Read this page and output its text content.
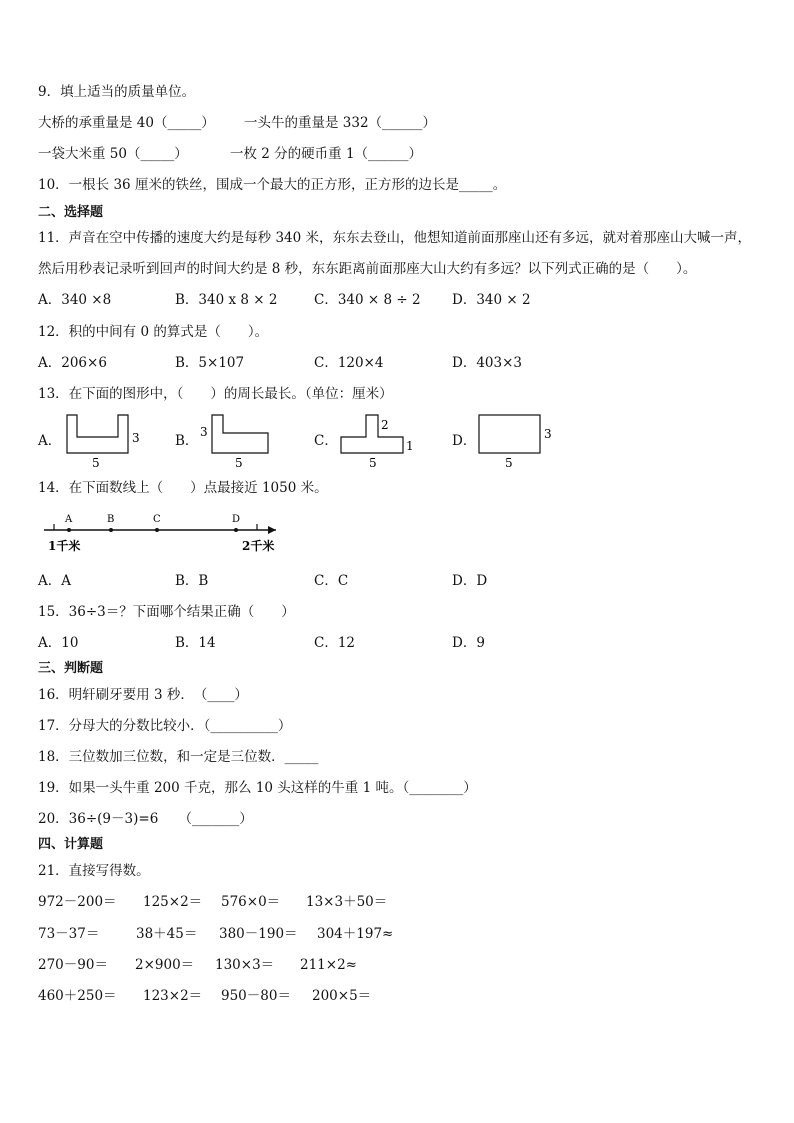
9．填上适当的质量单位。
大桥的承重量是 40（_____） 一头牛的重量是 332（______）
一袋大米重 50（_____）	一枚 2 分的硬币重 1（______）
10．一根长 36 厘米的铁丝，围成一个最大的正方形，正方形的边长是_____。
二、选择题
11．声音在空中传播的速度大约是每秒 340 米，东东去登山，他想知道前面那座山还有多远，就对着那座山大喊一声，
然后用秒表记录听到回声的时间大约是 8 秒，东东距离前面那座大山大约有多远？以下列式正确的是（　　）。
A．340 ×8	B．340 x 8 × 2	C．340 × 8 ÷ 2 D．340 × 2
12．积的中间有 0 的算式是（　　）。
A．206×6	B．5×107	C．120×4	D．403×3
13．在下面的图形中，（　　）的周长最长。（单位：厘米）
A．	B．	C．	D．
3
5
3
5
2
1
5
3
5
14．在下面数线上（　　）点最接近 1050 米。
A	B	C	D
1千米	2千米
A．A	B．B	C．C	D．D
15．36÷3＝？下面哪个结果正确（　　）
A．10	B．14	C．12	D．9
三、判断题
16．明轩刷牙要用 3 秒．　（____）
17．分母大的分数比较小．（__________）
18．三位数加三位数，和一定是三位数．_____
19．如果一头牛重 200 千克，那么 10 头这样的牛重 1 吨。（________）
20．36÷(9－3)=6　　（_______）
四、计算题
21．直接写得数。
972－200＝ 125×2＝ 576×0＝ 13×3＋50＝
73－37＝	38＋45＝ 380－190＝ 304＋197≈
270－90＝ 2×900＝ 130×3＝ 211×2≈
460＋250＝ 123×2＝ 950－80＝ 200×5＝
